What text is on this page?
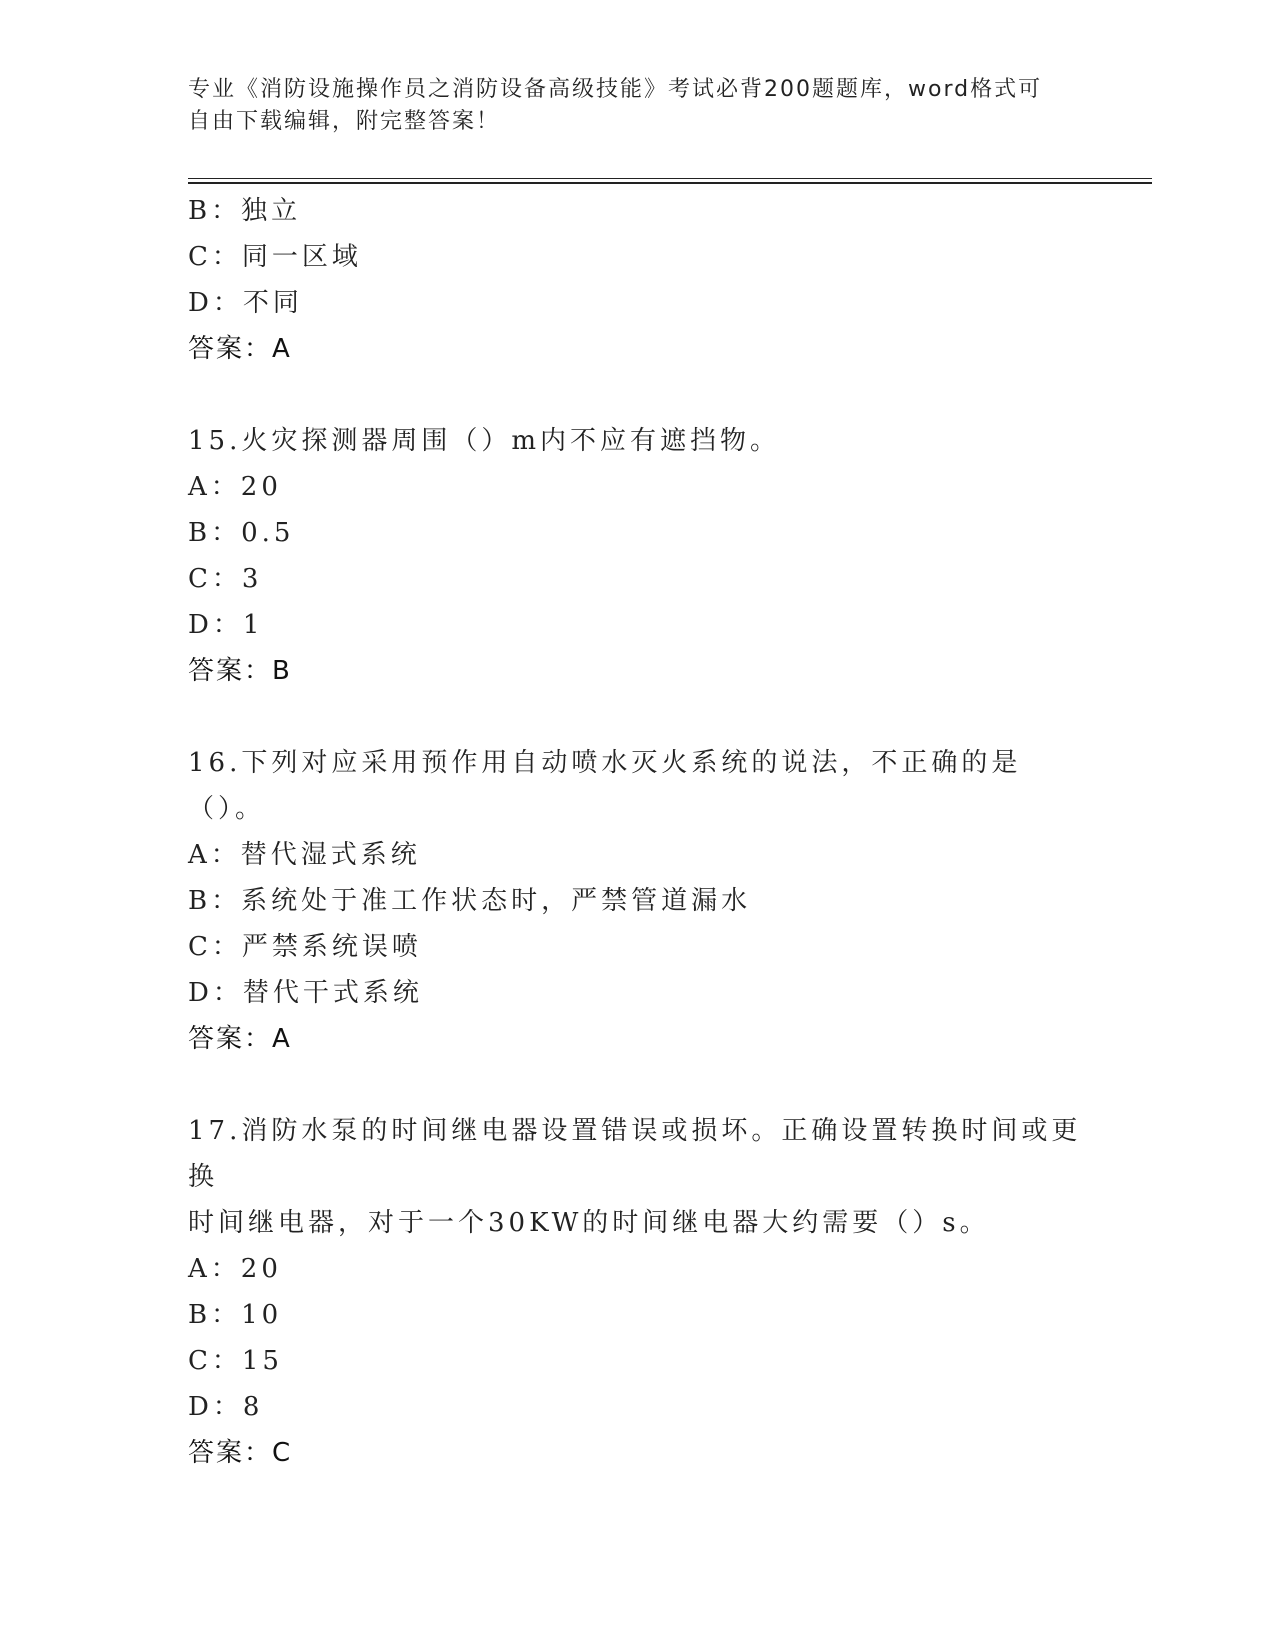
专业《消防设施操作员之消防设备高级技能》考试必背200题题库，word格式可
自由下载编辑，附完整答案！
B：独立
C：同一区域
D：不同
答案：A
15.火灾探测器周围（）m内不应有遮挡物。
A：20
B：0.5
C：3
D：1
答案：B
16.下列对应采用预作用自动喷水灭火系统的说法，不正确的是（）。
A：替代湿式系统
B：系统处于准工作状态时，严禁管道漏水
C：严禁系统误喷
D：替代干式系统
答案：A
17.消防水泵的时间继电器设置错误或损坏。正确设置转换时间或更换
时间继电器，对于一个30KW的时间继电器大约需要（）s。
A：20
B：10
C：15
D：8
答案：C
